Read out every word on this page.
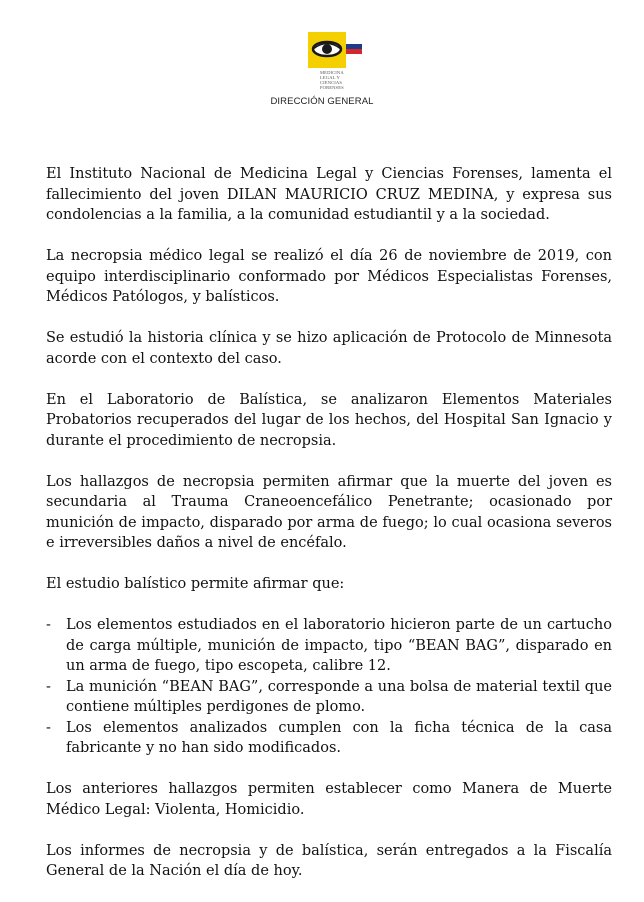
MEDICINA
LEGAL Y
CIENCIAS
FORENSES
DIRECCIÓN GENERAL

El Instituto Nacional de Medicina Legal y Ciencias Forenses, lamenta el fallecimiento del joven DILAN MAURICIO CRUZ MEDINA, y expresa sus condolencias a la familia, a la comunidad estudiantil y a la sociedad.

La necropsia médico legal se realizó el día 26 de noviembre de 2019, con equipo interdisciplinario conformado por Médicos Especialistas Forenses, Médicos Patólogos, y balísticos.

Se estudió la historia clínica y se hizo aplicación de Protocolo de Minnesota acorde con el contexto del caso.

En el Laboratorio de Balística, se analizaron Elementos Materiales Probatorios recuperados del lugar de los hechos, del Hospital San Ignacio y durante el procedimiento de necropsia.

Los hallazgos de necropsia permiten afirmar que la muerte del joven es secundaria al Trauma Craneoencefálico Penetrante; ocasionado por munición de impacto, disparado por arma de fuego; lo cual ocasiona severos e irreversibles daños a nivel de encéfalo.

El estudio balístico permite afirmar que:

- Los elementos estudiados en el laboratorio hicieron parte de un cartucho de carga múltiple, munición de impacto, tipo “BEAN BAG”, disparado en un arma de fuego, tipo escopeta, calibre 12.
- La munición “BEAN BAG”, corresponde a una bolsa de material textil que contiene múltiples perdigones de plomo.
- Los elementos analizados cumplen con la ficha técnica de la casa fabricante y no han sido modificados.

Los anteriores hallazgos permiten establecer como Manera de Muerte Médico Legal: Violenta, Homicidio.

Los informes de necropsia y de balística, serán entregados a la Fiscalía General de la Nación el día de hoy.
